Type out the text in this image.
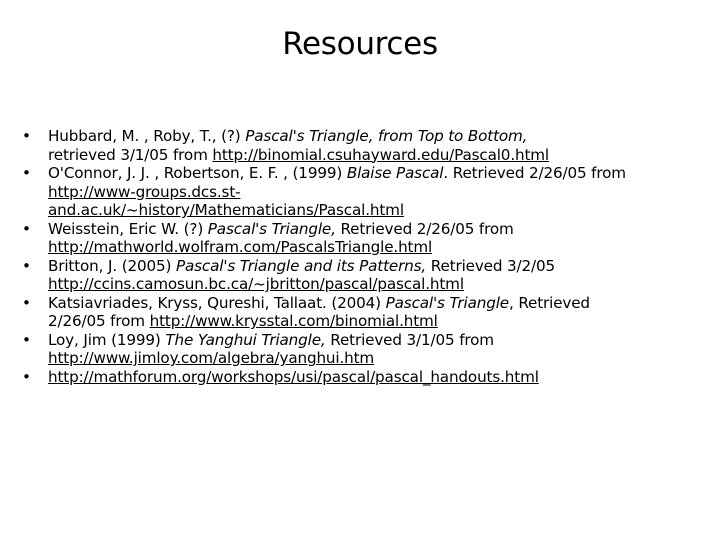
Resources
•	Hubbard, M. , Roby, T., (?) Pascal's Triangle, from Top to Bottom,
retrieved 3/1/05 from http://binomial.csuhayward.edu/Pascal0.html
•	O'Connor, J. J. , Robertson, E. F. , (1999) Blaise Pascal. Retrieved 2/26/05 from
http://www-groups.dcs.st-
and.ac.uk/~history/Mathematicians/Pascal.html
•	Weisstein, Eric W. (?) Pascal's Triangle, Retrieved 2/26/05 from
http://mathworld.wolfram.com/PascalsTriangle.html
•	Britton, J. (2005) Pascal's Triangle and its Patterns, Retrieved 3/2/05
http://ccins.camosun.bc.ca/~jbritton/pascal/pascal.html
•	Katsiavriades, Kryss, Qureshi, Tallaat. (2004) Pascal's Triangle, Retrieved
2/26/05 from http://www.krysstal.com/binomial.html
•	Loy, Jim (1999) The Yanghui Triangle, Retrieved 3/1/05 from
http://www.jimloy.com/algebra/yanghui.htm
•	http://mathforum.org/workshops/usi/pascal/pascal_handouts.html
